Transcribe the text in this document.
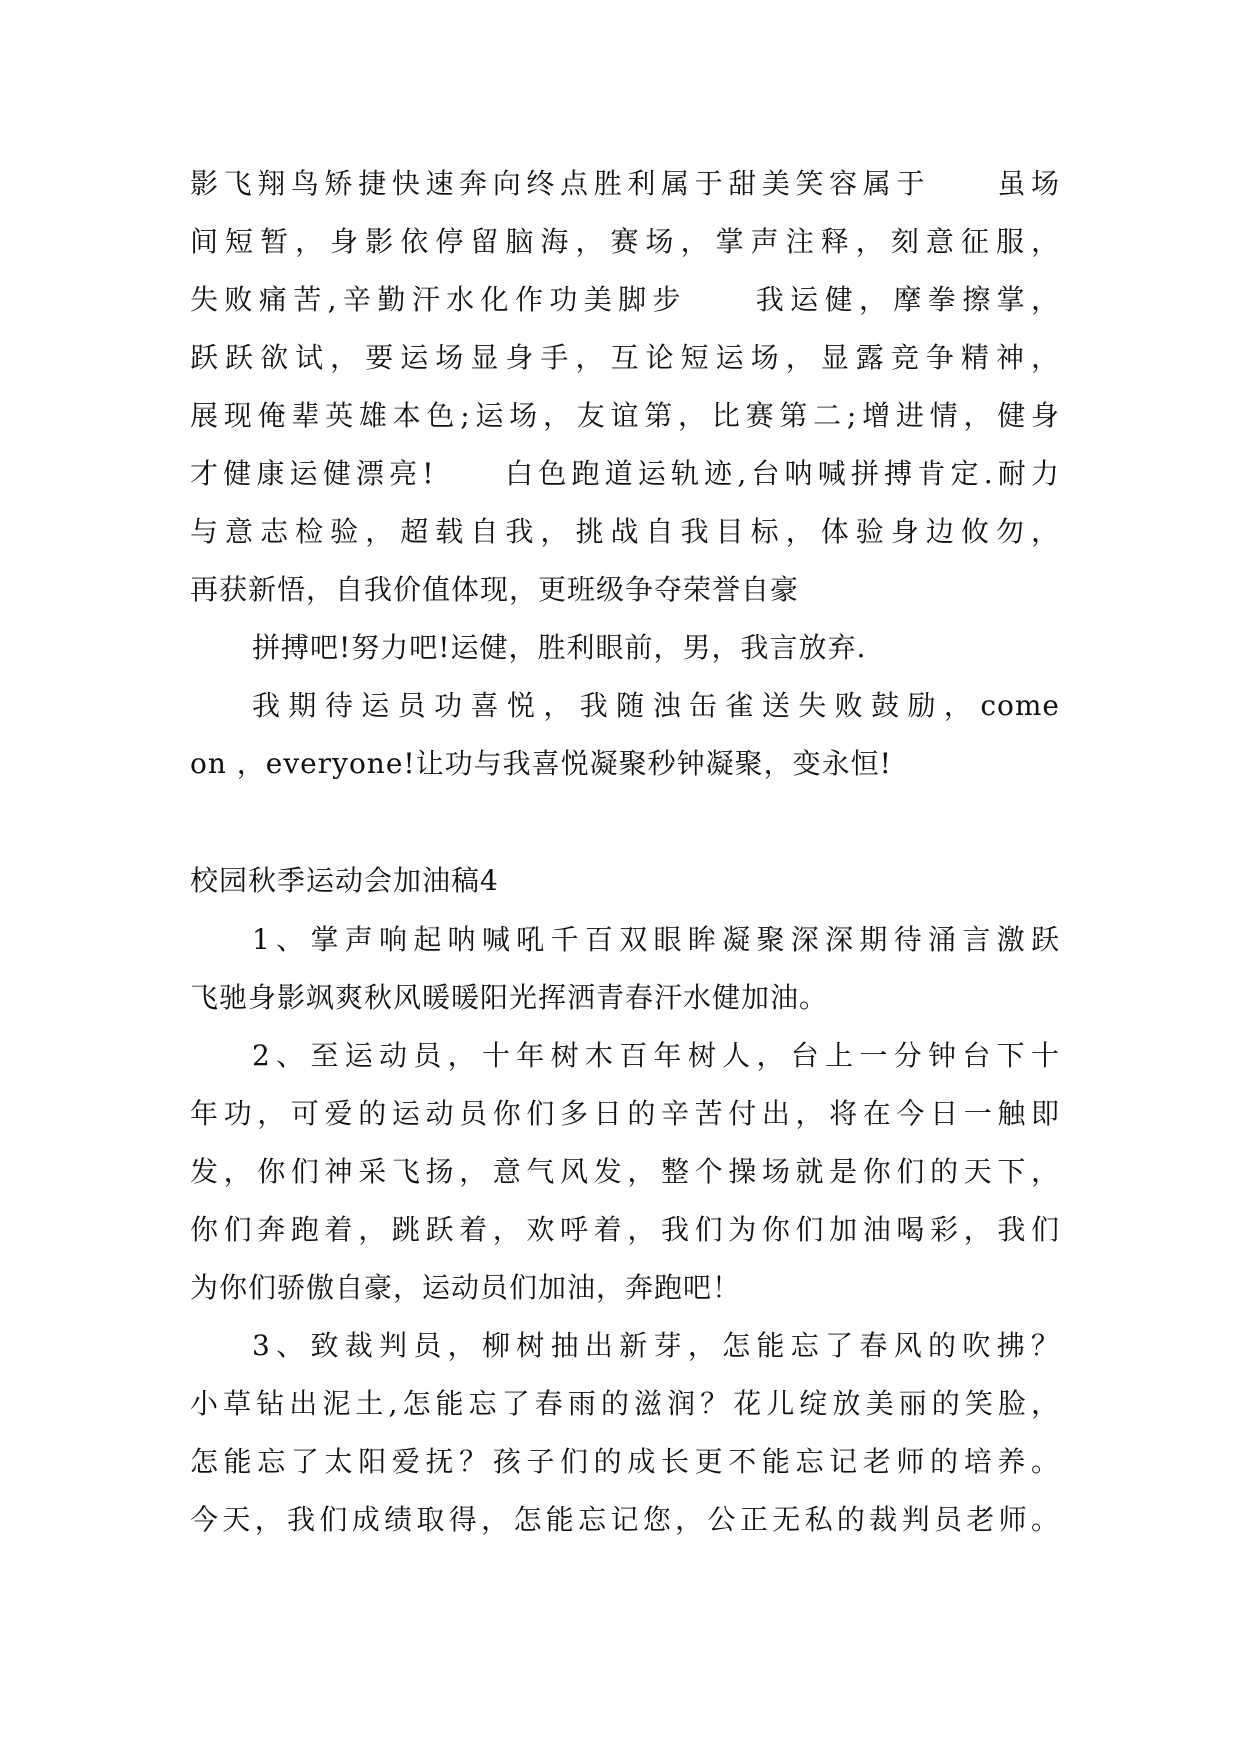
影飞翔鸟矫捷快速奔向终点胜利属于甜美笑容属于　　虽场
间短暂，身影依停留脑海，赛场，掌声注释，刻意征服，
失败痛苦,辛勤汗水化作功美脚步　　我运健，摩拳擦掌，
跃跃欲试，要运场显身手，互论短运场，显露竞争精神，
展现俺辈英雄本色;运场，友谊第，比赛第二;增进情，健身
才健康运健漂亮!　　白色跑道运轨迹,台呐喊拼搏肯定.耐力
与意志检验，超载自我，挑战自我目标，体验身边攸勿，
再获新悟，自我价值体现，更班级争夺荣誉自豪
拼搏吧!努力吧!运健，胜利眼前，男，我言放弃.
我期待运员功喜悦，我随浊缶雀送失败鼓励，come
on ，everyone!让功与我喜悦凝聚秒钟凝聚，变永恒!
校园秋季运动会加油稿4
1、掌声响起呐喊吼千百双眼眸凝聚深深期待涌言激跃
飞驰身影飒爽秋风暖暖阳光挥洒青春汗水健加油。
2、至运动员，十年树木百年树人，台上一分钟台下十
年功，可爱的运动员你们多日的辛苦付出，将在今日一触即
发，你们神采飞扬，意气风发，整个操场就是你们的天下，
你们奔跑着，跳跃着，欢呼着，我们为你们加油喝彩，我们
为你们骄傲自豪，运动员们加油，奔跑吧！
3、致裁判员，柳树抽出新芽，怎能忘了春风的吹拂？
小草钻出泥土,怎能忘了春雨的滋润？花儿绽放美丽的笑脸，
怎能忘了太阳爱抚？孩子们的成长更不能忘记老师的培养。
今天，我们成绩取得，怎能忘记您，公正无私的裁判员老师。
